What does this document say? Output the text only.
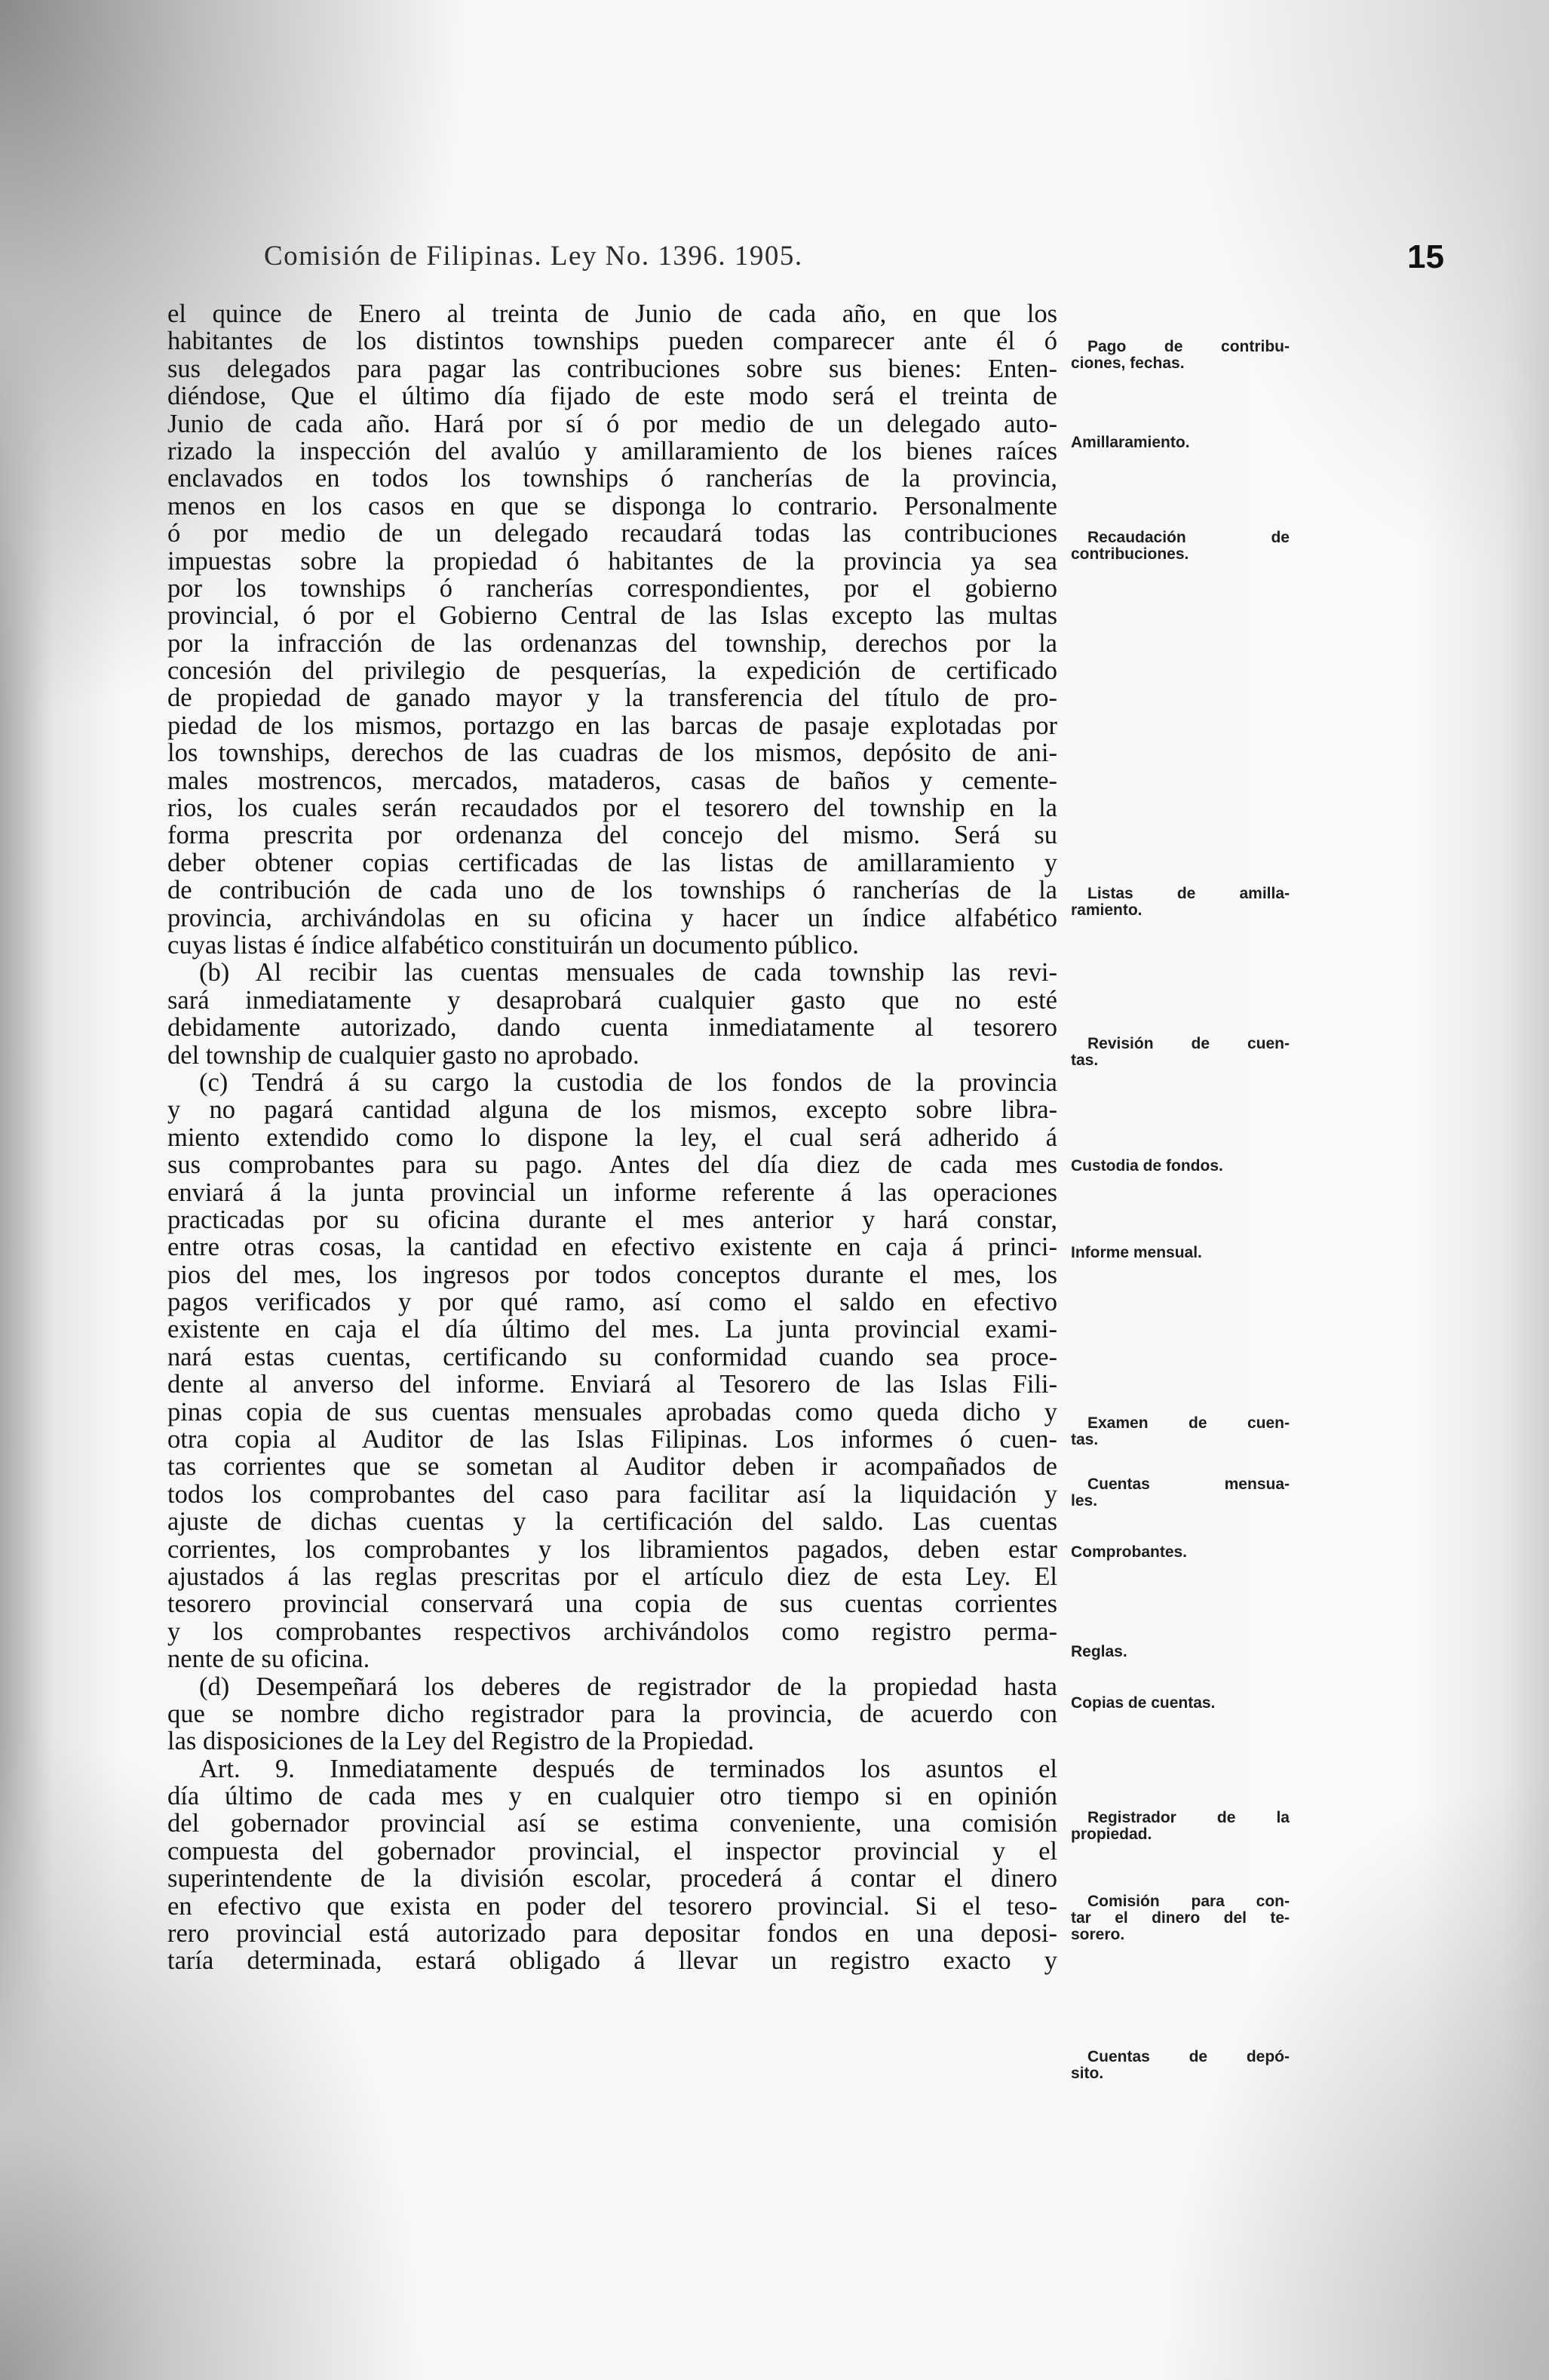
Comisión de Filipinas. Ley No. 1396. 1905.	15
el quince de Enero al treinta de Junio de cada año, en que los
habitantes de los distintos townships pueden comparecer ante él ó
sus delegados para pagar las contribuciones sobre sus bienes: Enten-
diéndose, Que el último día fijado de este modo será el treinta de
Junio de cada año. Hará por sí ó por medio de un delegado auto-
rizado la inspección del avalúo y amillaramiento de los bienes raíces
enclavados en todos los townships ó rancherías de la provincia,
menos en los casos en que se disponga lo contrario. Personalmente
ó por medio de un delegado recaudará todas las contribuciones
impuestas sobre la propiedad ó habitantes de la provincia ya sea
por los townships ó rancherías correspondientes, por el gobierno
provincial, ó por el Gobierno Central de las Islas excepto las multas
por la infracción de las ordenanzas del township, derechos por la
concesión del privilegio de pesquerías, la expedición de certificado
de propiedad de ganado mayor y la transferencia del título de pro-
piedad de los mismos, portazgo en las barcas de pasaje explotadas por
los townships, derechos de las cuadras de los mismos, depósito de ani-
males mostrencos, mercados, mataderos, casas de baños y cemente-
rios, los cuales serán recaudados por el tesorero del township en la
forma prescrita por ordenanza del concejo del mismo. Será su
deber obtener copias certificadas de las listas de amillaramiento y
de contribución de cada uno de los townships ó rancherías de la
provincia, archivándolas en su oficina y hacer un índice alfabético
cuyas listas é índice alfabético constituirán un documento público.
(b) Al recibir las cuentas mensuales de cada township las revi-
sará inmediatamente y desaprobará cualquier gasto que no esté
debidamente autorizado, dando cuenta inmediatamente al tesorero
del township de cualquier gasto no aprobado.
(c) Tendrá á su cargo la custodia de los fondos de la provincia
y no pagará cantidad alguna de los mismos, excepto sobre libra-
miento extendido como lo dispone la ley, el cual será adherido á
sus comprobantes para su pago. Antes del día diez de cada mes
enviará á la junta provincial un informe referente á las operaciones
practicadas por su oficina durante el mes anterior y hará constar,
entre otras cosas, la cantidad en efectivo existente en caja á princi-
pios del mes, los ingresos por todos conceptos durante el mes, los
pagos verificados y por qué ramo, así como el saldo en efectivo
existente en caja el día último del mes. La junta provincial exami-
nará estas cuentas, certificando su conformidad cuando sea proce-
dente al anverso del informe. Enviará al Tesorero de las Islas Fili-
pinas copia de sus cuentas mensuales aprobadas como queda dicho y
otra copia al Auditor de las Islas Filipinas. Los informes ó cuen-
tas corrientes que se sometan al Auditor deben ir acompañados de
todos los comprobantes del caso para facilitar así la liquidación y
ajuste de dichas cuentas y la certificación del saldo. Las cuentas
corrientes, los comprobantes y los libramientos pagados, deben estar
ajustados á las reglas prescritas por el artículo diez de esta Ley. El
tesorero provincial conservará una copia de sus cuentas corrientes
y los comprobantes respectivos archivándolos como registro perma-
nente de su oficina.
(d) Desempeñará los deberes de registrador de la propiedad hasta
que se nombre dicho registrador para la provincia, de acuerdo con
las disposiciones de la Ley del Registro de la Propiedad.
Art. 9. Inmediatamente después de terminados los asuntos el
día último de cada mes y en cualquier otro tiempo si en opinión
del gobernador provincial así se estima conveniente, una comisión
compuesta del gobernador provincial, el inspector provincial y el
superintendente de la división escolar, procederá á contar el dinero
en efectivo que exista en poder del tesorero provincial. Si el teso-
rero provincial está autorizado para depositar fondos en una deposi-
taría determinada, estará obligado á llevar un registro exacto y
Pago de contribu-
ciones, fechas.
Amillaramiento.
Recaudación de
contribuciones.
Listas de amilla-
ramiento.
Revisión de cuen-
tas.
Custodia de fondos.
Informe mensual.
Examen de cuen-
tas.
Cuentas mensua-
les.
Comprobantes.
Reglas.
Copias de cuentas.
Registrador de la
propiedad.
Comisión para con-
tar el dinero del te-
sorero.
Cuentas de depó-
sito.
